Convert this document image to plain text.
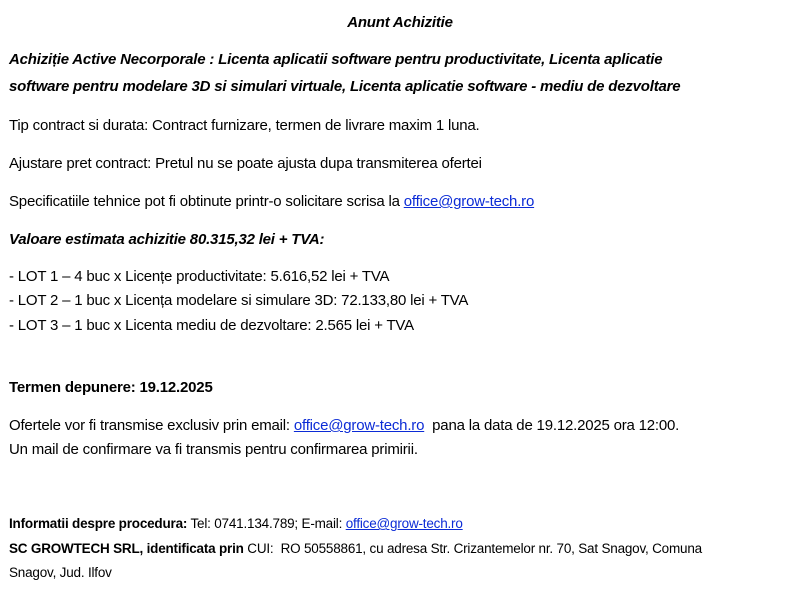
Anunt Achizitie
Achiziție Active Necorporale : Licenta aplicatii software pentru productivitate, Licenta aplicatie
software pentru modelare 3D si simulari virtuale, Licenta aplicatie software - mediu de dezvoltare
Tip contract si durata: Contract furnizare, termen de livrare maxim 1 luna.
Ajustare pret contract: Pretul nu se poate ajusta dupa transmiterea ofertei
Specificatiile tehnice pot fi obtinute printr-o solicitare scrisa la office@grow-tech.ro
Valoare estimata achizitie 80.315,32 lei + TVA:
- LOT 1 – 4 buc x Licențe productivitate: 5.616,52 lei + TVA
- LOT 2 – 1 buc x Licența modelare si simulare 3D: 72.133,80 lei + TVA
- LOT 3 – 1 buc x Licenta mediu de dezvoltare: 2.565 lei + TVA
Termen depunere: 19.12.2025
Ofertele vor fi transmise exclusiv prin email: office@grow-tech.ro  pana la data de 19.12.2025 ora 12:00.
Un mail de confirmare va fi transmis pentru confirmarea primirii.
Informatii despre procedura: Tel: 0741.134.789; E-mail: office@grow-tech.ro
SC GROWTECH SRL, identificata prin CUI:  RO 50558861, cu adresa Str. Crizantemelor nr. 70, Sat Snagov, Comuna
Snagov, Jud. Ilfov
